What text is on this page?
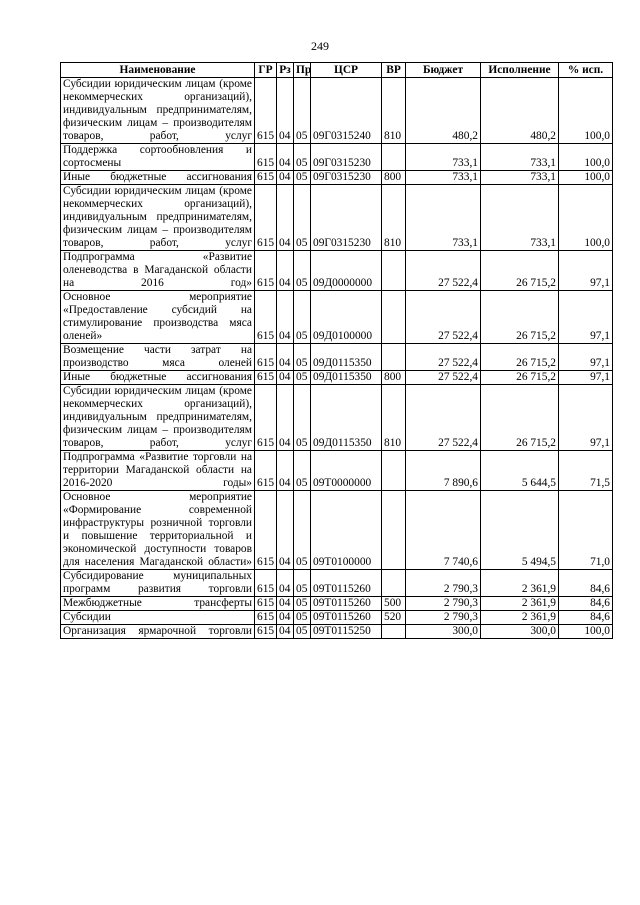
249
Наименование	ГР	Рз	Пр	ЦСР	ВР	Бюджет	Исполнение	% исп.
Субсидии юридическим лицам (кроме некоммерческих организаций), индивидуальным предпринимателям, физическим лицам – производителям товаров, работ, услуг	615	04	05	09Г0315240	810	480,2	480,2	100,0
Поддержка сортообновления и сортосмены	615	04	05	09Г0315230		733,1	733,1	100,0
Иные бюджетные ассигнования	615	04	05	09Г0315230	800	733,1	733,1	100,0
Субсидии юридическим лицам (кроме некоммерческих организаций), индивидуальным предпринимателям, физическим лицам – производителям товаров, работ, услуг	615	04	05	09Г0315230	810	733,1	733,1	100,0
Подпрограмма «Развитие оленеводства в Магаданской области на 2016 год»	615	04	05	09Д0000000		27 522,4	26 715,2	97,1
Основное мероприятие «Предоставление субсидий на стимулирование производства мяса оленей»	615	04	05	09Д0100000		27 522,4	26 715,2	97,1
Возмещение части затрат на производство мяса оленей	615	04	05	09Д0115350		27 522,4	26 715,2	97,1
Иные бюджетные ассигнования	615	04	05	09Д0115350	800	27 522,4	26 715,2	97,1
Субсидии юридическим лицам (кроме некоммерческих организаций), индивидуальным предпринимателям, физическим лицам – производителям товаров, работ, услуг	615	04	05	09Д0115350	810	27 522,4	26 715,2	97,1
Подпрограмма «Развитие торговли на территории Магаданской области на 2016-2020 годы»	615	04	05	09Т0000000		7 890,6	5 644,5	71,5
Основное мероприятие «Формирование современной инфраструктуры розничной торговли и повышение территориальной и экономической доступности товаров для населения Магаданской области»	615	04	05	09Т0100000		7 740,6	5 494,5	71,0
Субсидирование муниципальных программ развития торговли	615	04	05	09Т0115260		2 790,3	2 361,9	84,6
Межбюджетные трансферты	615	04	05	09Т0115260	500	2 790,3	2 361,9	84,6
Субсидии	615	04	05	09Т0115260	520	2 790,3	2 361,9	84,6
Организация ярмарочной торговли	615	04	05	09Т0115250		300,0	300,0	100,0
